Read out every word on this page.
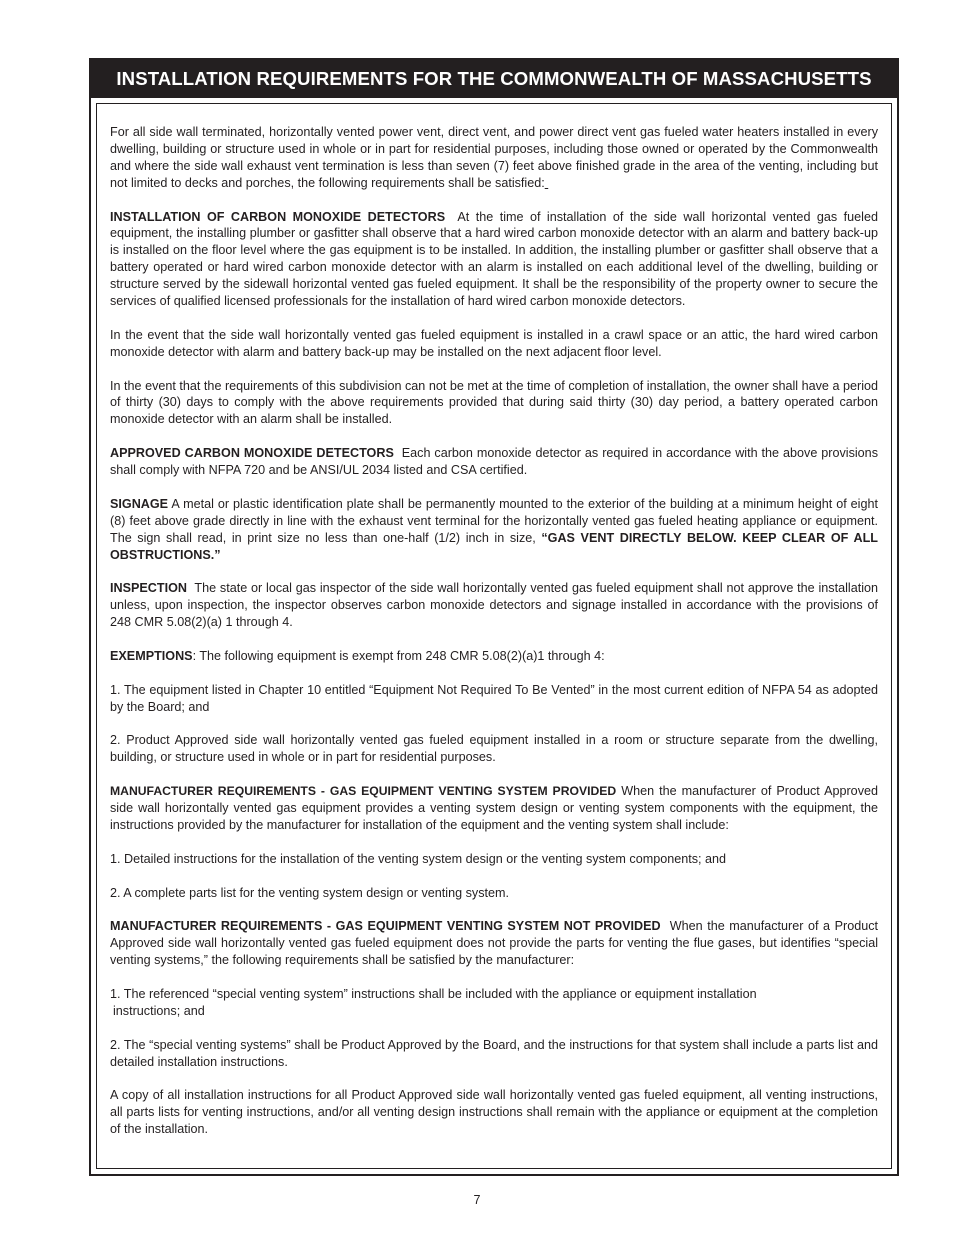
INSTALLATION REQUIREMENTS FOR THE COMMONWEALTH OF MASSACHUSETTS

For all side wall terminated, horizontally vented power vent, direct vent, and power direct vent gas fueled water heaters installed in every dwelling, building or structure used in whole or in part for residential purposes, including those owned or operated by the Commonwealth and where the side wall exhaust vent termination is less than seven (7) feet above finished grade in the area of the venting, including but not limited to decks and porches, the following requirements shall be satisfied:

INSTALLATION OF CARBON MONOXIDE DETECTORS At the time of installation of the side wall horizontal vented gas fueled equipment, the installing plumber or gasfitter shall observe that a hard wired carbon monoxide detector with an alarm and battery back-up is installed on the floor level where the gas equipment is to be installed. In addition, the installing plumber or gasfitter shall observe that a battery operated or hard wired carbon monoxide detector with an alarm is installed on each additional level of the dwelling, building or structure served by the sidewall horizontal vented gas fueled equipment. It shall be the responsibility of the property owner to secure the services of qualified licensed professionals for the installation of hard wired carbon monoxide detectors.

In the event that the side wall horizontally vented gas fueled equipment is installed in a crawl space or an attic, the hard wired carbon monoxide detector with alarm and battery back-up may be installed on the next adjacent floor level.

In the event that the requirements of this subdivision can not be met at the time of completion of installation, the owner shall have a period of thirty (30) days to comply with the above requirements provided that during said thirty (30) day period, a battery operated carbon monoxide detector with an alarm shall be installed.

APPROVED CARBON MONOXIDE DETECTORS Each carbon monoxide detector as required in accordance with the above provisions shall comply with NFPA 720 and be ANSI/UL 2034 listed and CSA certified.

SIGNAGE A metal or plastic identification plate shall be permanently mounted to the exterior of the building at a minimum height of eight (8) feet above grade directly in line with the exhaust vent terminal for the horizontally vented gas fueled heating appliance or equipment. The sign shall read, in print size no less than one-half (1/2) inch in size, “GAS VENT DIRECTLY BELOW. KEEP CLEAR OF ALL OBSTRUCTIONS.”

INSPECTION The state or local gas inspector of the side wall horizontally vented gas fueled equipment shall not approve the installation unless, upon inspection, the inspector observes carbon monoxide detectors and signage installed in accordance with the provisions of 248 CMR 5.08(2)(a) 1 through 4.

EXEMPTIONS: The following equipment is exempt from 248 CMR 5.08(2)(a)1 through 4:

1. The equipment listed in Chapter 10 entitled “Equipment Not Required To Be Vented” in the most current edition of NFPA 54 as adopted by the Board; and

2. Product Approved side wall horizontally vented gas fueled equipment installed in a room or structure separate from the dwelling, building, or structure used in whole or in part for residential purposes.

MANUFACTURER REQUIREMENTS - GAS EQUIPMENT VENTING SYSTEM PROVIDED When the manufacturer of Product Approved side wall horizontally vented gas equipment provides a venting system design or venting system components with the equipment, the instructions provided by the manufacturer for installation of the equipment and the venting system shall include:

1. Detailed instructions for the installation of the venting system design or the venting system components; and

2. A complete parts list for the venting system design or venting system.

MANUFACTURER REQUIREMENTS - GAS EQUIPMENT VENTING SYSTEM NOT PROVIDED When the manufacturer of a Product Approved side wall horizontally vented gas fueled equipment does not provide the parts for venting the flue gases, but identifies “special venting systems,” the following requirements shall be satisfied by the manufacturer:

1. The referenced “special venting system” instructions shall be included with the appliance or equipment installation
instructions; and

2. The “special venting systems” shall be Product Approved by the Board, and the instructions for that system shall include a parts list and detailed installation instructions.

A copy of all installation instructions for all Product Approved side wall horizontally vented gas fueled equipment, all venting instructions, all parts lists for venting instructions, and/or all venting design instructions shall remain with the appliance or equipment at the completion of the installation.

7
